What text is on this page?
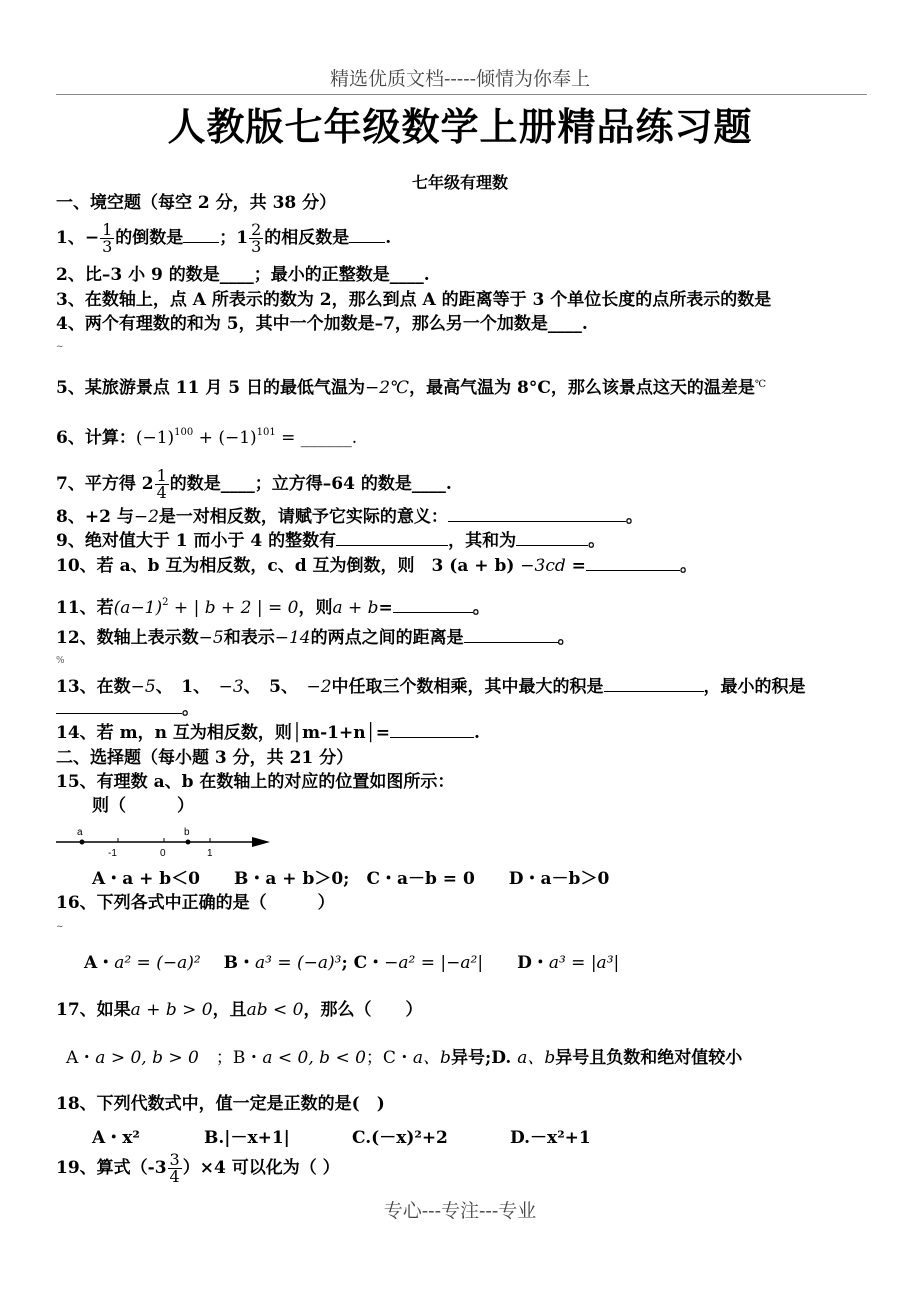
精选优质文档-----倾情为你奉上
人教版七年级数学上册精品练习题
七年级有理数
一、境空题（每空 2 分，共 38 分）
1、− $\frac{1}{3}$ 的倒数是 ；$1 \frac{2}{3}$ 的相反数是 .
2、比–3 小 9 的数是____；最小的正整数是____.
3、在数轴上，点 A 所表示的数为 2，那么到点 A 的距离等于 3 个单位长度的点所表示的数是
4、两个有理数的和为 5，其中一个加数是–7，那么另一个加数是____.
~
5、某旅游景点 11 月 5 日的最低气温为−2℃，最高气温为 8°C，那么该景点这天的温差是℃
6、计算：$(-1)^{100} + (-1)^{101}$ = ______.
7、平方得 $2 \frac{1}{4}$ 的数是____；立方得–64 的数是____.
8、+2 与−2是一对相反数，请赋予它实际的意义：	。
9、绝对值大于 1 而小于 4 的整数有	，其和为	。
10、若 a、b 互为相反数，c、d 互为倒数，则　3 (a + b) −3cd =	。
11、若$(a-1)^2$ + | b + 2 | = 0，则a + b=	。
12、数轴上表示数−5和表示−14的两点之间的距离是	。
%
13、在数−5、　1、　−3、　5、　−2中任取三个数相乘，其中最大的积是	，最小的积是
。
14、若 m，n 互为相反数，则│m-1+n│=	.
二、选择题（每小题 3 分，共 21 分）
15、有理数 a、b 在数轴上的对应的位置如图所示：
则（　　　）
a	b
-1	0	1
A・a + b＜0　　B・a + b＞0;　C・a－b = 0　　D・a－b＞0
16、下列各式中正确的是（　　　）
~
A・a² = (−a)²　 B・a³ = (−a)³; C・−a² = |−a²|　　 D・a³ = |a³|
17、如果a + b > 0，且ab < 0，那么（　　）
A・a > 0, b > 0　 ；B・a < 0, b < 0；C・a、b异号;D. a、b异号且负数和绝对值较小
18、下列代数式中，值一定是正数的是(　)
A・x²	B.|－x+1|	C.(－x)²+2	D.－x²+1
19、算式$(-3 \frac{3}{4} )\times 4$ 可以化为（ ）
专心---专注---专业
